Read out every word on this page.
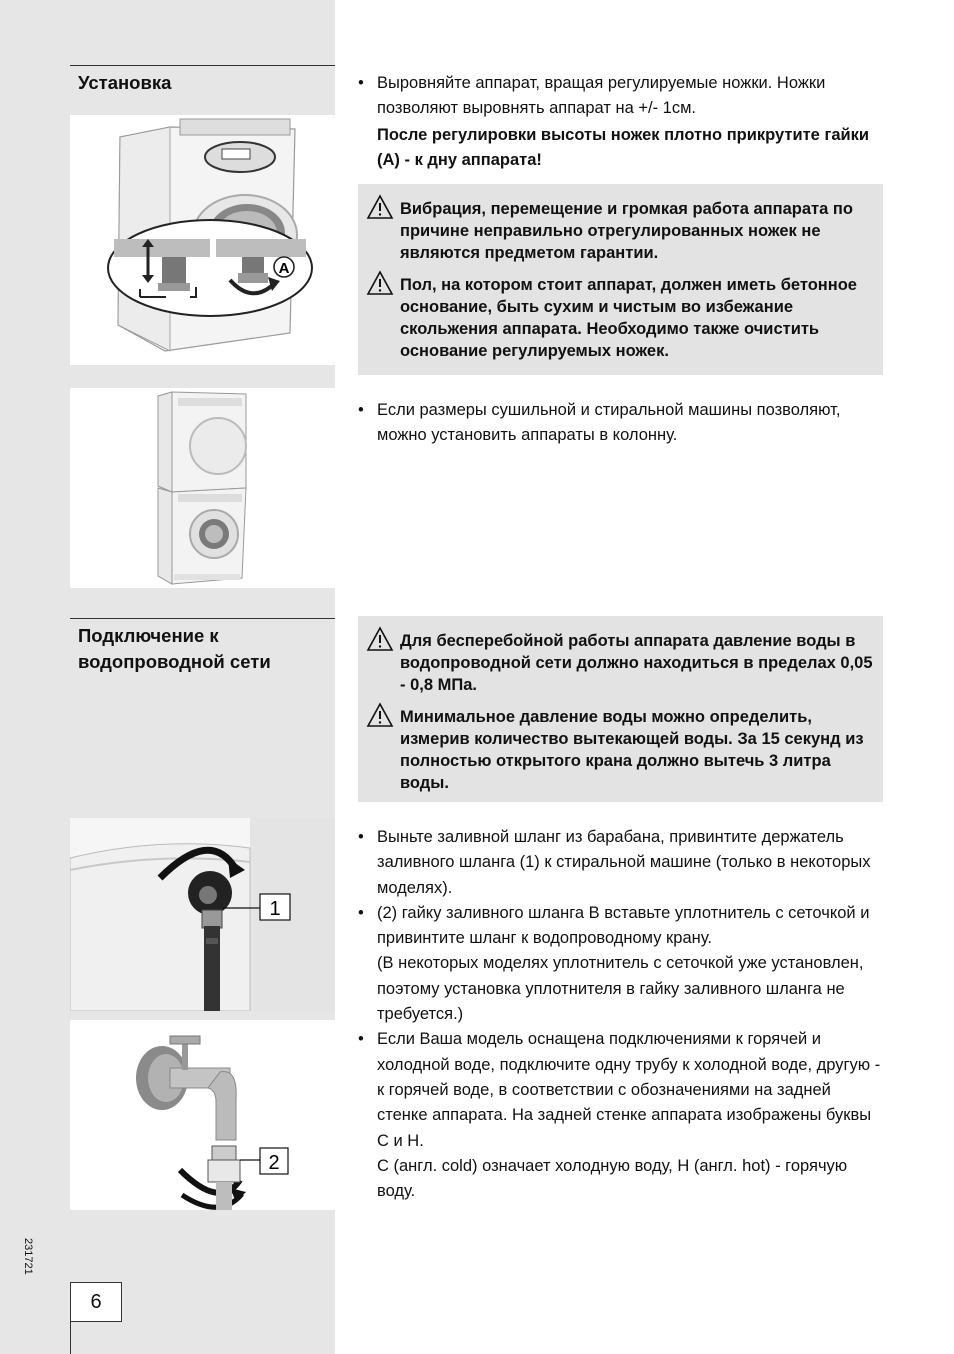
Установка
A
• Выровняйте аппарат, вращая регулируемые ножки. Ножки позволяют выровнять аппарат на +/- 1см.
После регулировки высоты ножек плотно прикрутите гайки (A) - к дну аппарата!
Вибрация, перемещение и громкая работа аппарата по причине неправильно отрегулированных ножек не являются предметом гарантии.
Пол, на котором стоит аппарат, должен иметь бетонное основание, быть сухим и чистым во избежание скольжения аппарата. Необходимо также очистить основание регулируемых ножек.
• Если размеры сушильной и стиральной машины позволяют, можно установить аппараты в колонну.
Подключение к водопроводной сети
Для бесперебойной работы аппарата давление воды в водопроводной сети должно находиться в пределах 0,05 - 0,8 МПа.
Минимальное давление воды можно определить, измерив количество вытекающей воды. За 15 секунд из полностью открытого крана должно вытечь 3 литра воды.
1
2
• Выньте заливной шланг из барабана, привинтите держатель заливного шланга (1) к стиральной машине (только в некоторых моделях).
• (2) гайку заливного шланга B вставьте уплотнитель с сеточкой и привинтите шланг к водопроводному крану.
(В некоторых моделях уплотнитель с сеточкой уже установлен, поэтому установка уплотнителя в гайку заливного шланга не требуется.)
• Если Ваша модель оснащена подключениями к горячей и холодной воде, подключите одну трубу к холодной воде, другую - к горячей воде, в соответствии с обозначениями на задней стенке аппарата. На задней стенке аппарата изображены буквы C и H.
C (англ. cold) означает холодную воду, H (англ. hot) - горячую воду.
231721
6
